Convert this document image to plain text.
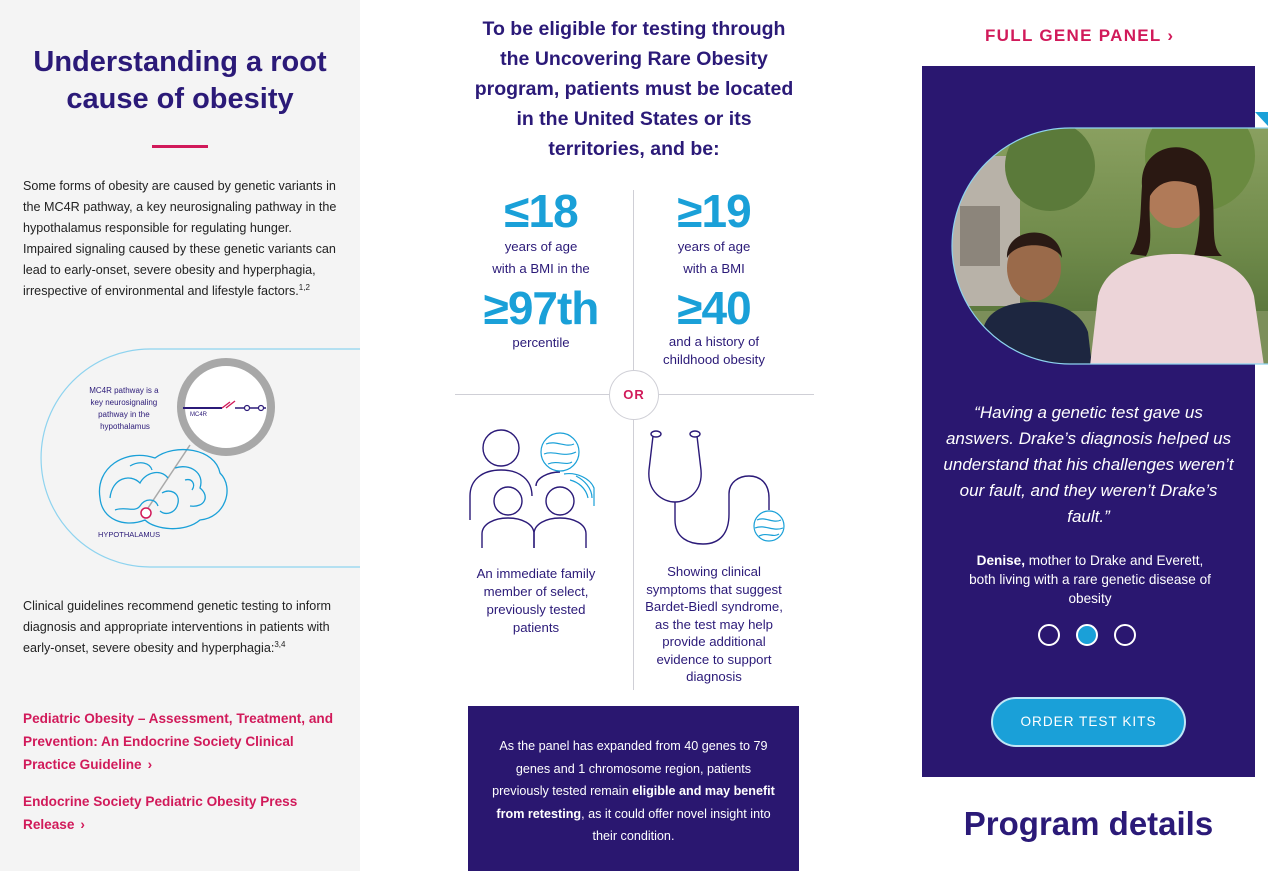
Understanding a root cause of obesity

Some forms of obesity are caused by genetic variants in the MC4R pathway, a key neurosignaling pathway in the hypothalamus responsible for regulating hunger. Impaired signaling caused by these genetic variants can lead to early-onset, severe obesity and hyperphagia, irrespective of environmental and lifestyle factors.$^{1,2}$

MC4R pathway is a key neurosignaling pathway in the hypothalamus
MC4R
HYPOTHALAMUS

Clinical guidelines recommend genetic testing to inform diagnosis and appropriate interventions in patients with early-onset, severe obesity and hyperphagia:$^{3,4}$

Pediatric Obesity – Assessment, Treatment, and Prevention: An Endocrine Society Clinical Practice Guideline ›
Endocrine Society Pediatric Obesity Press Release ›
To be eligible for testing through the Uncovering Rare Obesity program, patients must be located in the United States or its territories, and be:
OR
≤18
years of age
with a BMI in the
≥97th
percentile
≥19
years of age
with a BMI
≥40
and a history of
childhood obesity
An immediate family
member of select,
previously tested
patients
Showing clinical
symptoms that suggest
Bardet-Biedl syndrome,
as the test may help
provide additional
evidence to support
diagnosis
As the panel has expanded from 40 genes to 79 genes and 1 chromosome region, patients previously tested remain eligible and may benefit from retesting, as it could offer novel insight into their condition.
FULL GENE PANEL ›
“Having a genetic test gave us answers. Drake’s diagnosis helped us understand that his challenges weren’t our fault, and they weren’t Drake’s fault.”

Denise, mother to Drake and Everett, both living with a rare genetic disease of obesity

ORDER TEST KITS
Program details
